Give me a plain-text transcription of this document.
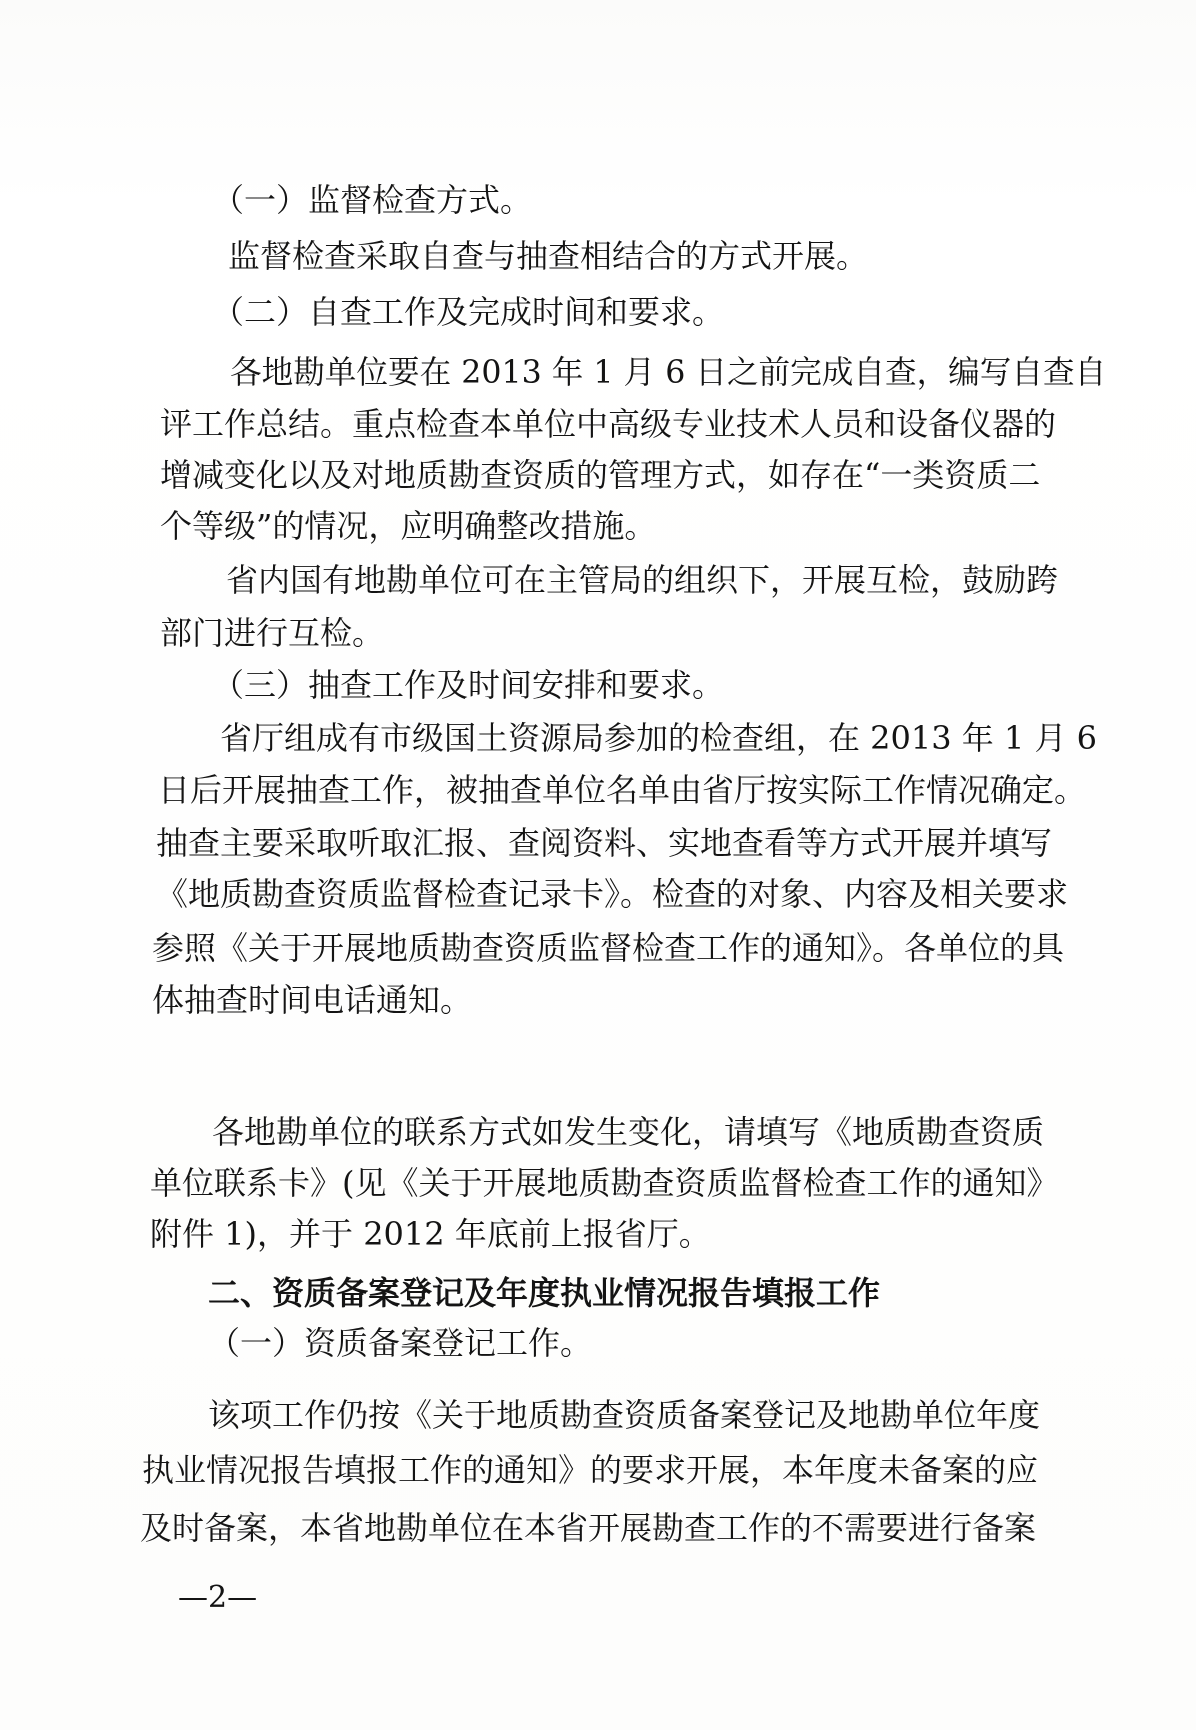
（一）监督检查方式。
监督检查采取自查与抽查相结合的方式开展。
（二）自查工作及完成时间和要求。
各地勘单位要在 2013 年 1 月 6 日之前完成自查，编写自查自
评工作总结。重点检查本单位中高级专业技术人员和设备仪器的
增减变化以及对地质勘查资质的管理方式，如存在“一类资质二
个等级”的情况，应明确整改措施。
省内国有地勘单位可在主管局的组织下，开展互检，鼓励跨
部门进行互检。
（三）抽查工作及时间安排和要求。
省厅组成有市级国土资源局参加的检查组，在 2013 年 1 月 6
日后开展抽查工作，被抽查单位名单由省厅按实际工作情况确定。
抽查主要采取听取汇报、查阅资料、实地查看等方式开展并填写
《地质勘查资质监督检查记录卡》。检查的对象、内容及相关要求
参照《关于开展地质勘查资质监督检查工作的通知》。各单位的具
体抽查时间电话通知。
各地勘单位的联系方式如发生变化，请填写《地质勘查资质
单位联系卡》(见《关于开展地质勘查资质监督检查工作的通知》
附件 1)，并于 2012 年底前上报省厅。
二、资质备案登记及年度执业情况报告填报工作
（一）资质备案登记工作。
该项工作仍按《关于地质勘查资质备案登记及地勘单位年度
执业情况报告填报工作的通知》的要求开展，本年度未备案的应
及时备案，本省地勘单位在本省开展勘查工作的不需要进行备案
—2—
